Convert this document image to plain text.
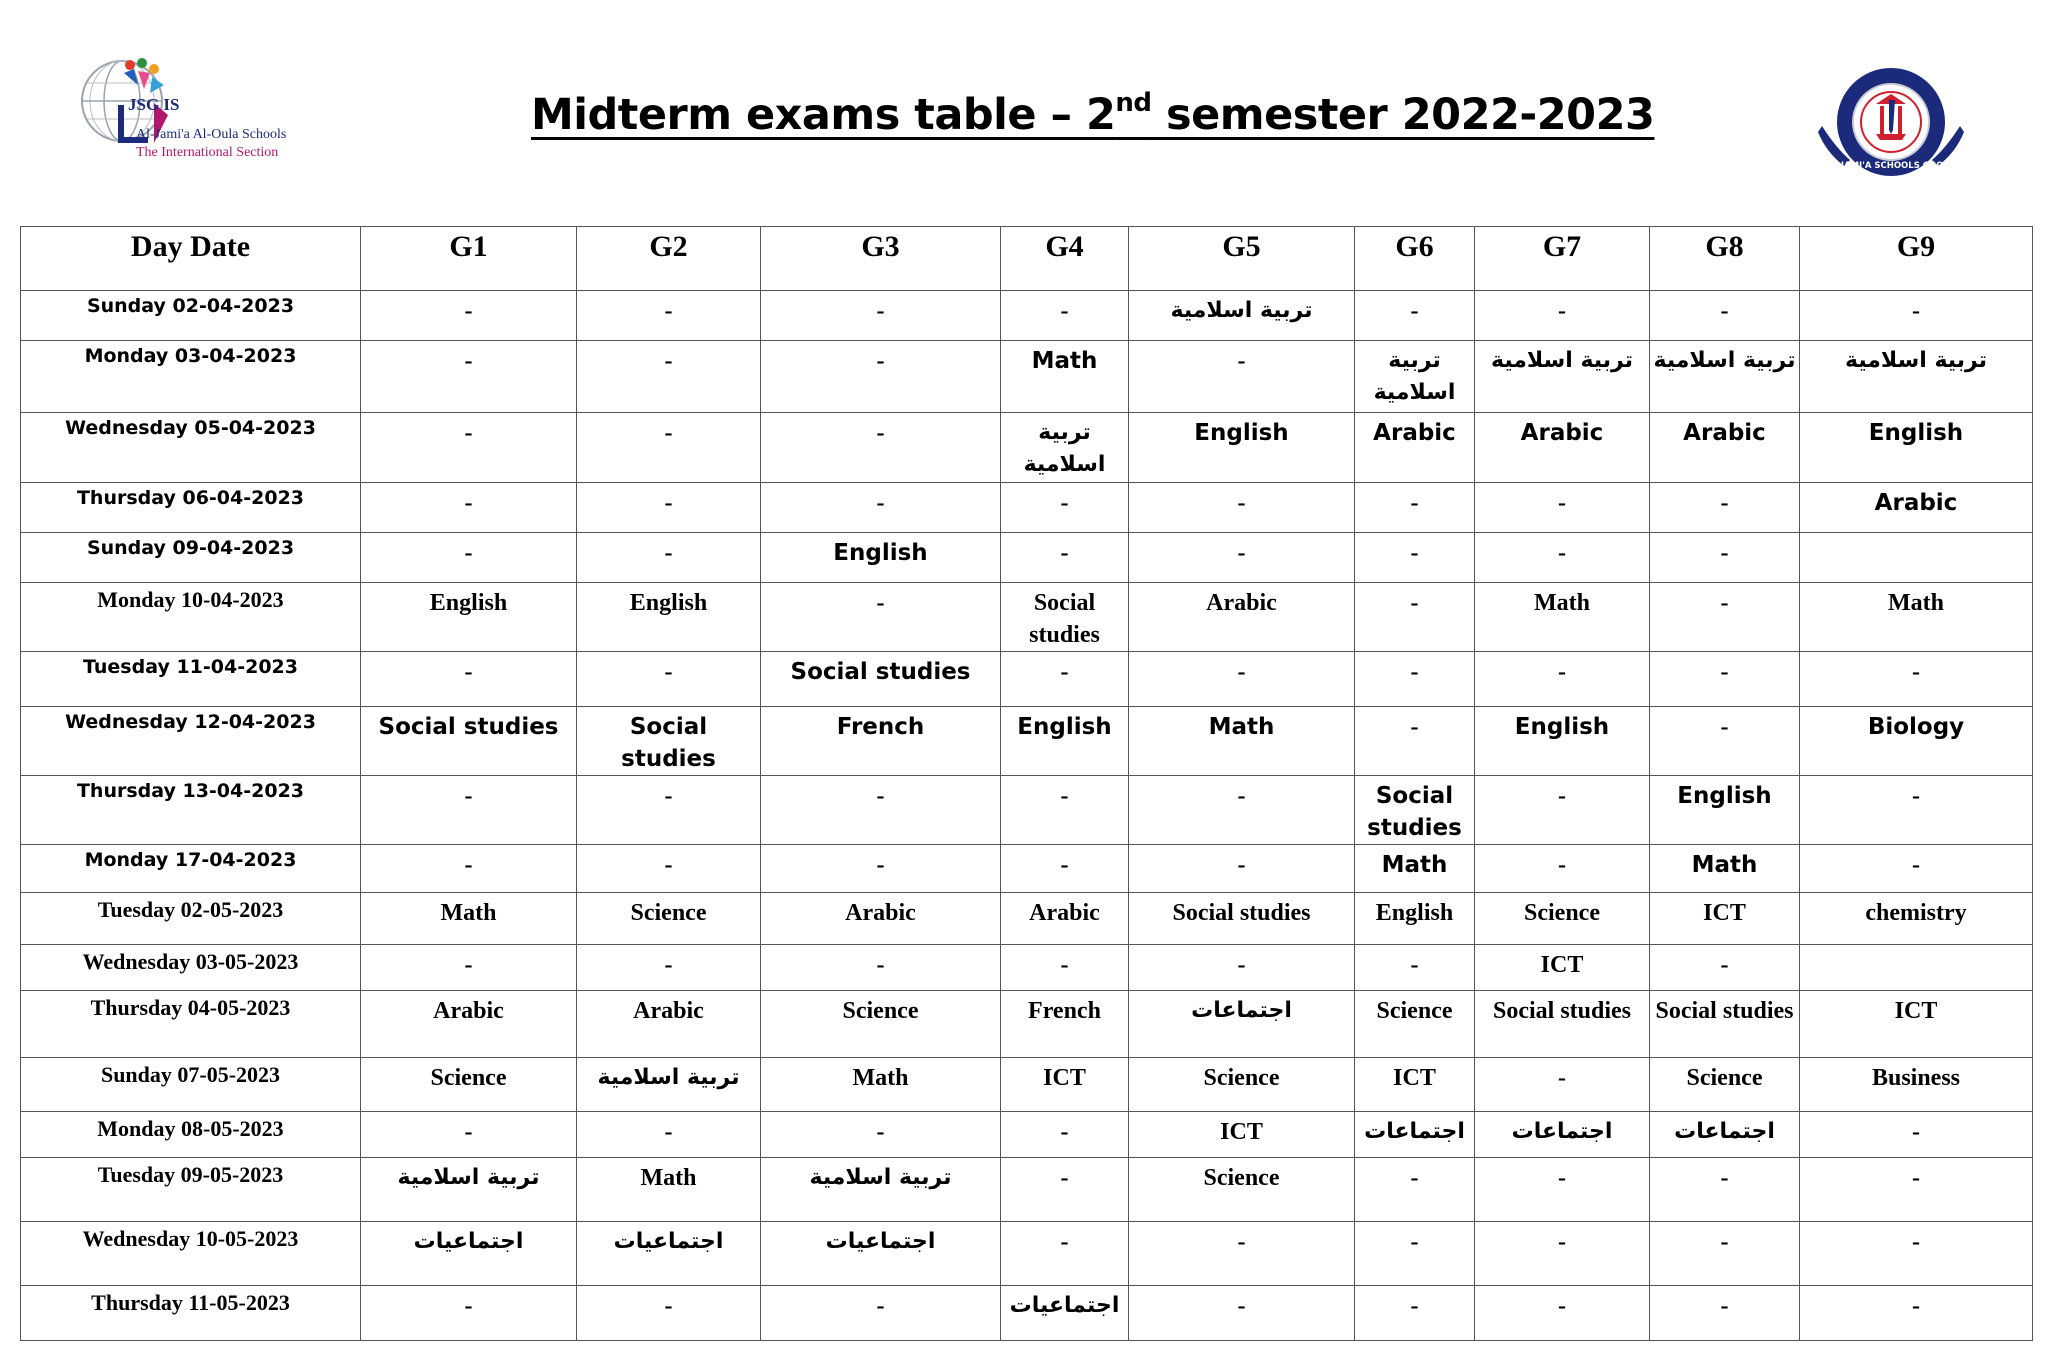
JSG IS
Al-Jami'a Al-Oula Schools
The International Section
Midterm exams table – 2nd semester 2022-2023
AL-JAMI'A SCHOOLS GROUP
Day Date	G1	G2	G3	G4	G5	G6	G7	G8	G9
Sunday 02-04-2023	-	-	-	-	تربية اسلامية	-	-	-	-
Monday 03-04-2023	-	-	-	Math	-	تربية اسلامية	تربية اسلامية	تربية اسلامية	تربية اسلامية
Wednesday 05-04-2023	-	-	-	تربية اسلامية	English	Arabic	Arabic	Arabic	English
Thursday 06-04-2023	-	-	-	-	-	-	-	-	Arabic
Sunday 09-04-2023	-	-	English	-	-	-	-	-	
Monday 10-04-2023	English	English	-	Social studies	Arabic	-	Math	-	Math
Tuesday 11-04-2023	-	-	Social studies	-	-	-	-	-	-
Wednesday 12-04-2023	Social studies	Social studies	French	English	Math	-	English	-	Biology
Thursday 13-04-2023	-	-	-	-	-	Social studies	-	English	-
Monday 17-04-2023	-	-	-	-	-	Math	-	Math	-
Tuesday 02-05-2023	Math	Science	Arabic	Arabic	Social studies	English	Science	ICT	chemistry
Wednesday 03-05-2023	-	-	-	-	-	-	ICT	-	
Thursday 04-05-2023	Arabic	Arabic	Science	French	اجتماعات	Science	Social studies	Social studies	ICT
Sunday 07-05-2023	Science	تربية اسلامية	Math	ICT	Science	ICT	-	Science	Business
Monday 08-05-2023	-	-	-	-	ICT	اجتماعات	اجتماعات	اجتماعات	-
Tuesday 09-05-2023	تربية اسلامية	Math	تربية اسلامية	-	Science	-	-	-	-
Wednesday 10-05-2023	اجتماعيات	اجتماعيات	اجتماعيات	-	-	-	-	-	-
Thursday 11-05-2023	-	-	-	اجتماعيات	-	-	-	-	-
